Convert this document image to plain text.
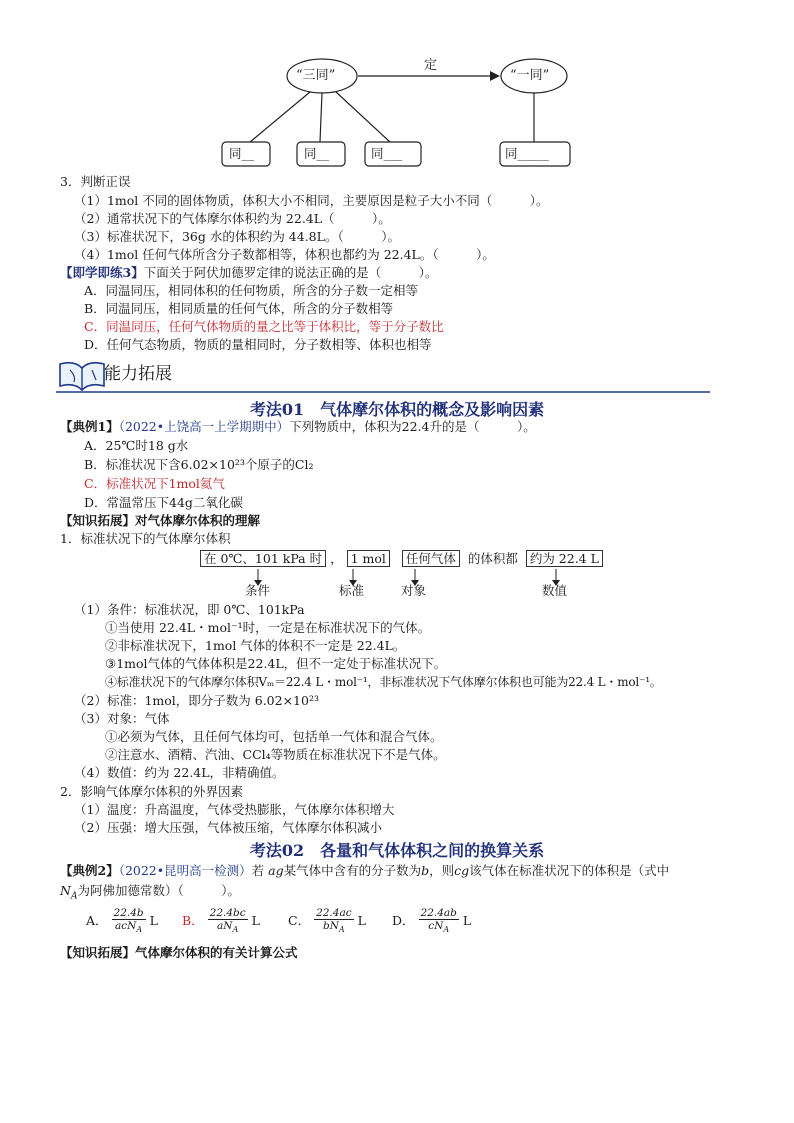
“三同”	“一同”
定
同__	同__	同___	同_____
3．判断正误
（1）1mol 不同的固体物质，体积大小不相同，主要原因是粒子大小不同（　　　）。
（2）通常状况下的气体摩尔体积约为 22.4L（　　　）。
（3）标准状况下，36g 水的体积约为 44.8L。（　　　）。
（4）1mol 任何气体所含分子数都相等，体积也都约为 22.4L。（　　　）。
【即学即练3】下面关于阿伏加德罗定律的说法正确的是（　　　）。
A．同温同压，相同体积的任何物质，所含的分子数一定相等
B．同温同压，相同质量的任何气体，所含的分子数相等
C．同温同压，任何气体物质的量之比等于体积比，等于分子数比
D．任何气态物质，物质的量相同时，分子数相等、体积也相等
能力拓展
考法01　气体摩尔体积的概念及影响因素
【典例1】（2022•上饶高一上学期期中）下列物质中，体积为22.4升的是（　　　）。
A．25℃时18 g水
B．标准状况下含6.02×10²³个原子的Cl₂
C．标准状况下1mol氦气
D．常温常压下44g二氧化碳
【知识拓展】对气体摩尔体积的理解
1．标准状况下的气体摩尔体积
在 0℃、101 kPa 时 ， 1 mol 任何气体 的体积都 约为 22.4 L
条件	标准	对象	数值
（1）条件：标准状况，即 0℃、101kPa
①当使用 22.4L・mol⁻¹时，一定是在标准状况下的气体。
②非标准状况下，1mol 气体的体积不一定是 22.4L。
③1mol气体的气体体积是22.4L，但不一定处于标准状况下。
④标准状况下的气体摩尔体积Vₘ＝22.4 L・mol⁻¹，非标准状况下气体摩尔体积也可能为22.4 L・mol⁻¹。
（2）标准：1mol，即分子数为 6.02×10²³
（3）对象：气体
①必须为气体，且任何气体均可，包括单一气体和混合气体。
②注意水、酒精、汽油、CCl₄等物质在标准状况下不是气体。
（4）数值：约为 22.4L，非精确值。
2．影响气体摩尔体积的外界因素
（1）温度：升高温度，气体受热膨胀，气体摩尔体积增大
（2）压强：增大压强，气体被压缩，气体摩尔体积减小
考法02　各量和气体体积之间的换算关系
【典例2】（2022•昆明高一检测）若 ag某气体中含有的分子数为b，则cg该气体在标准状况下的体积是（式中
$N_A$为阿佛加德常数）（　　　）。
A． $\frac{22.4b}{acN_A}$ L B． $\frac{22.4bc}{aN_A}$ L C． $\frac{22.4ac}{bN_A}$ L D． $\frac{22.4ab}{cN_A}$ L
【知识拓展】气体摩尔体积的有关计算公式
